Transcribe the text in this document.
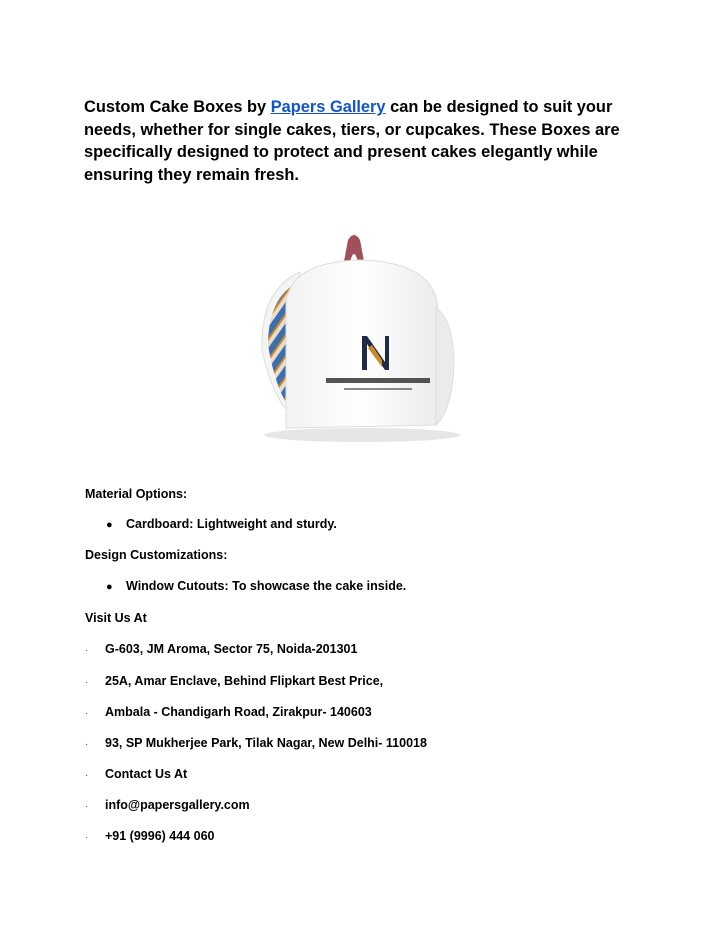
Custom Cake Boxes by Papers Gallery can be designed to suit your needs, whether for single cakes, tiers, or cupcakes. These Boxes are specifically designed to protect and present cakes elegantly while ensuring they remain fresh.

Material Options:

● Cardboard: Lightweight and sturdy.

Design Customizations:

● Window Cutouts: To showcase the cake inside.

Visit Us At

· G-603, JM Aroma, Sector 75, Noida-201301
· 25A, Amar Enclave, Behind Flipkart Best Price,
· Ambala - Chandigarh Road, Zirakpur- 140603
· 93, SP Mukherjee Park, Tilak Nagar, New Delhi- 110018
· Contact Us At
· info@papersgallery.com
· +91 (9996) 444 060
